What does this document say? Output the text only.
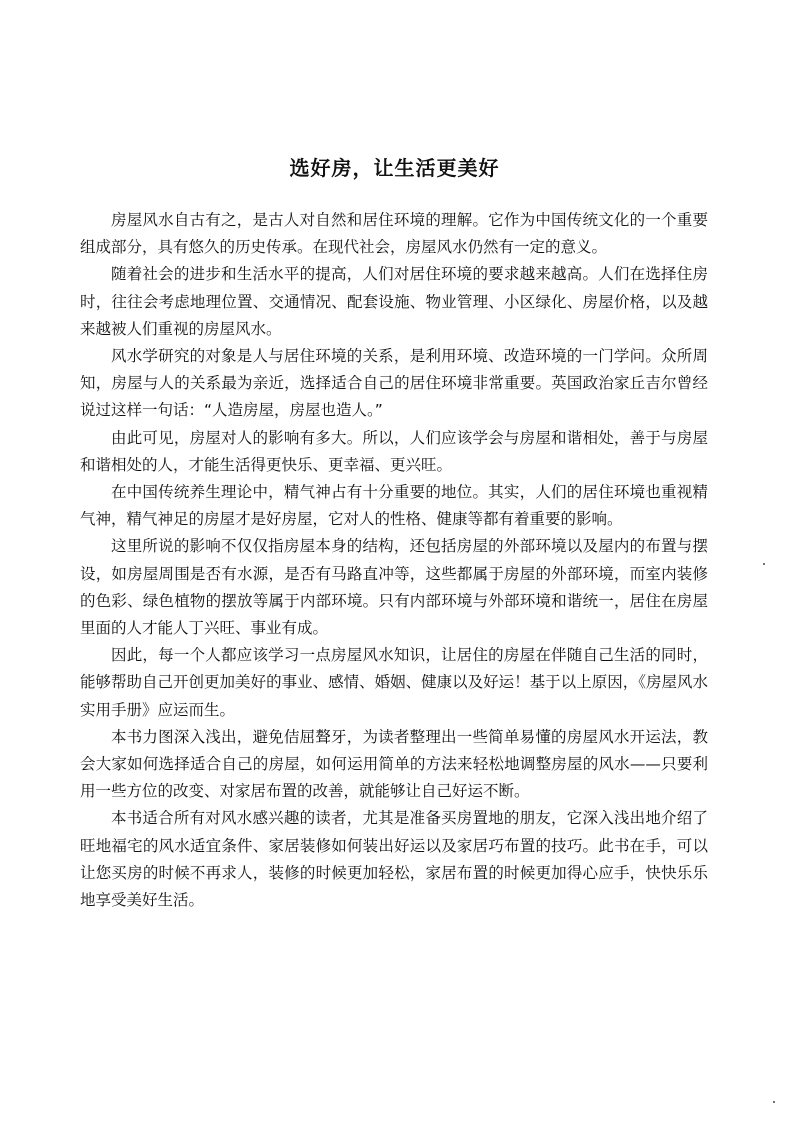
选好房，让生活更美好

房屋风水自古有之，是古人对自然和居住环境的理解。它作为中国传统文化的一个重要组成部分，具有悠久的历史传承。在现代社会，房屋风水仍然有一定的意义。

随着社会的进步和生活水平的提高，人们对居住环境的要求越来越高。人们在选择住房时，往往会考虑地理位置、交通情况、配套设施、物业管理、小区绿化、房屋价格，以及越来越被人们重视的房屋风水。

风水学研究的对象是人与居住环境的关系，是利用环境、改造环境的一门学问。众所周知，房屋与人的关系最为亲近，选择适合自己的居住环境非常重要。英国政治家丘吉尔曾经说过这样一句话：“人造房屋，房屋也造人。”

由此可见，房屋对人的影响有多大。所以，人们应该学会与房屋和谐相处，善于与房屋和谐相处的人，才能生活得更快乐、更幸福、更兴旺。

在中国传统养生理论中，精气神占有十分重要的地位。其实，人们的居住环境也重视精气神，精气神足的房屋才是好房屋，它对人的性格、健康等都有着重要的影响。

这里所说的影响不仅仅指房屋本身的结构，还包括房屋的外部环境以及屋内的布置与摆设，如房屋周围是否有水源，是否有马路直冲等，这些都属于房屋的外部环境，而室内装修的色彩、绿色植物的摆放等属于内部环境。只有内部环境与外部环境和谐统一，居住在房屋里面的人才能人丁兴旺、事业有成。

因此，每一个人都应该学习一点房屋风水知识，让居住的房屋在伴随自己生活的同时，能够帮助自己开创更加美好的事业、感情、婚姻、健康以及好运！基于以上原因，《房屋风水实用手册》应运而生。

本书力图深入浅出，避免佶屈聱牙，为读者整理出一些简单易懂的房屋风水开运法，教会大家如何选择适合自己的房屋，如何运用简单的方法来轻松地调整房屋的风水——只要利用一些方位的改变、对家居布置的改善，就能够让自己好运不断。

本书适合所有对风水感兴趣的读者，尤其是准备买房置地的朋友，它深入浅出地介绍了旺地福宅的风水适宜条件、家居装修如何装出好运以及家居巧布置的技巧。此书在手，可以让您买房的时候不再求人，装修的时候更加轻松，家居布置的时候更加得心应手，快快乐乐地享受美好生活。
